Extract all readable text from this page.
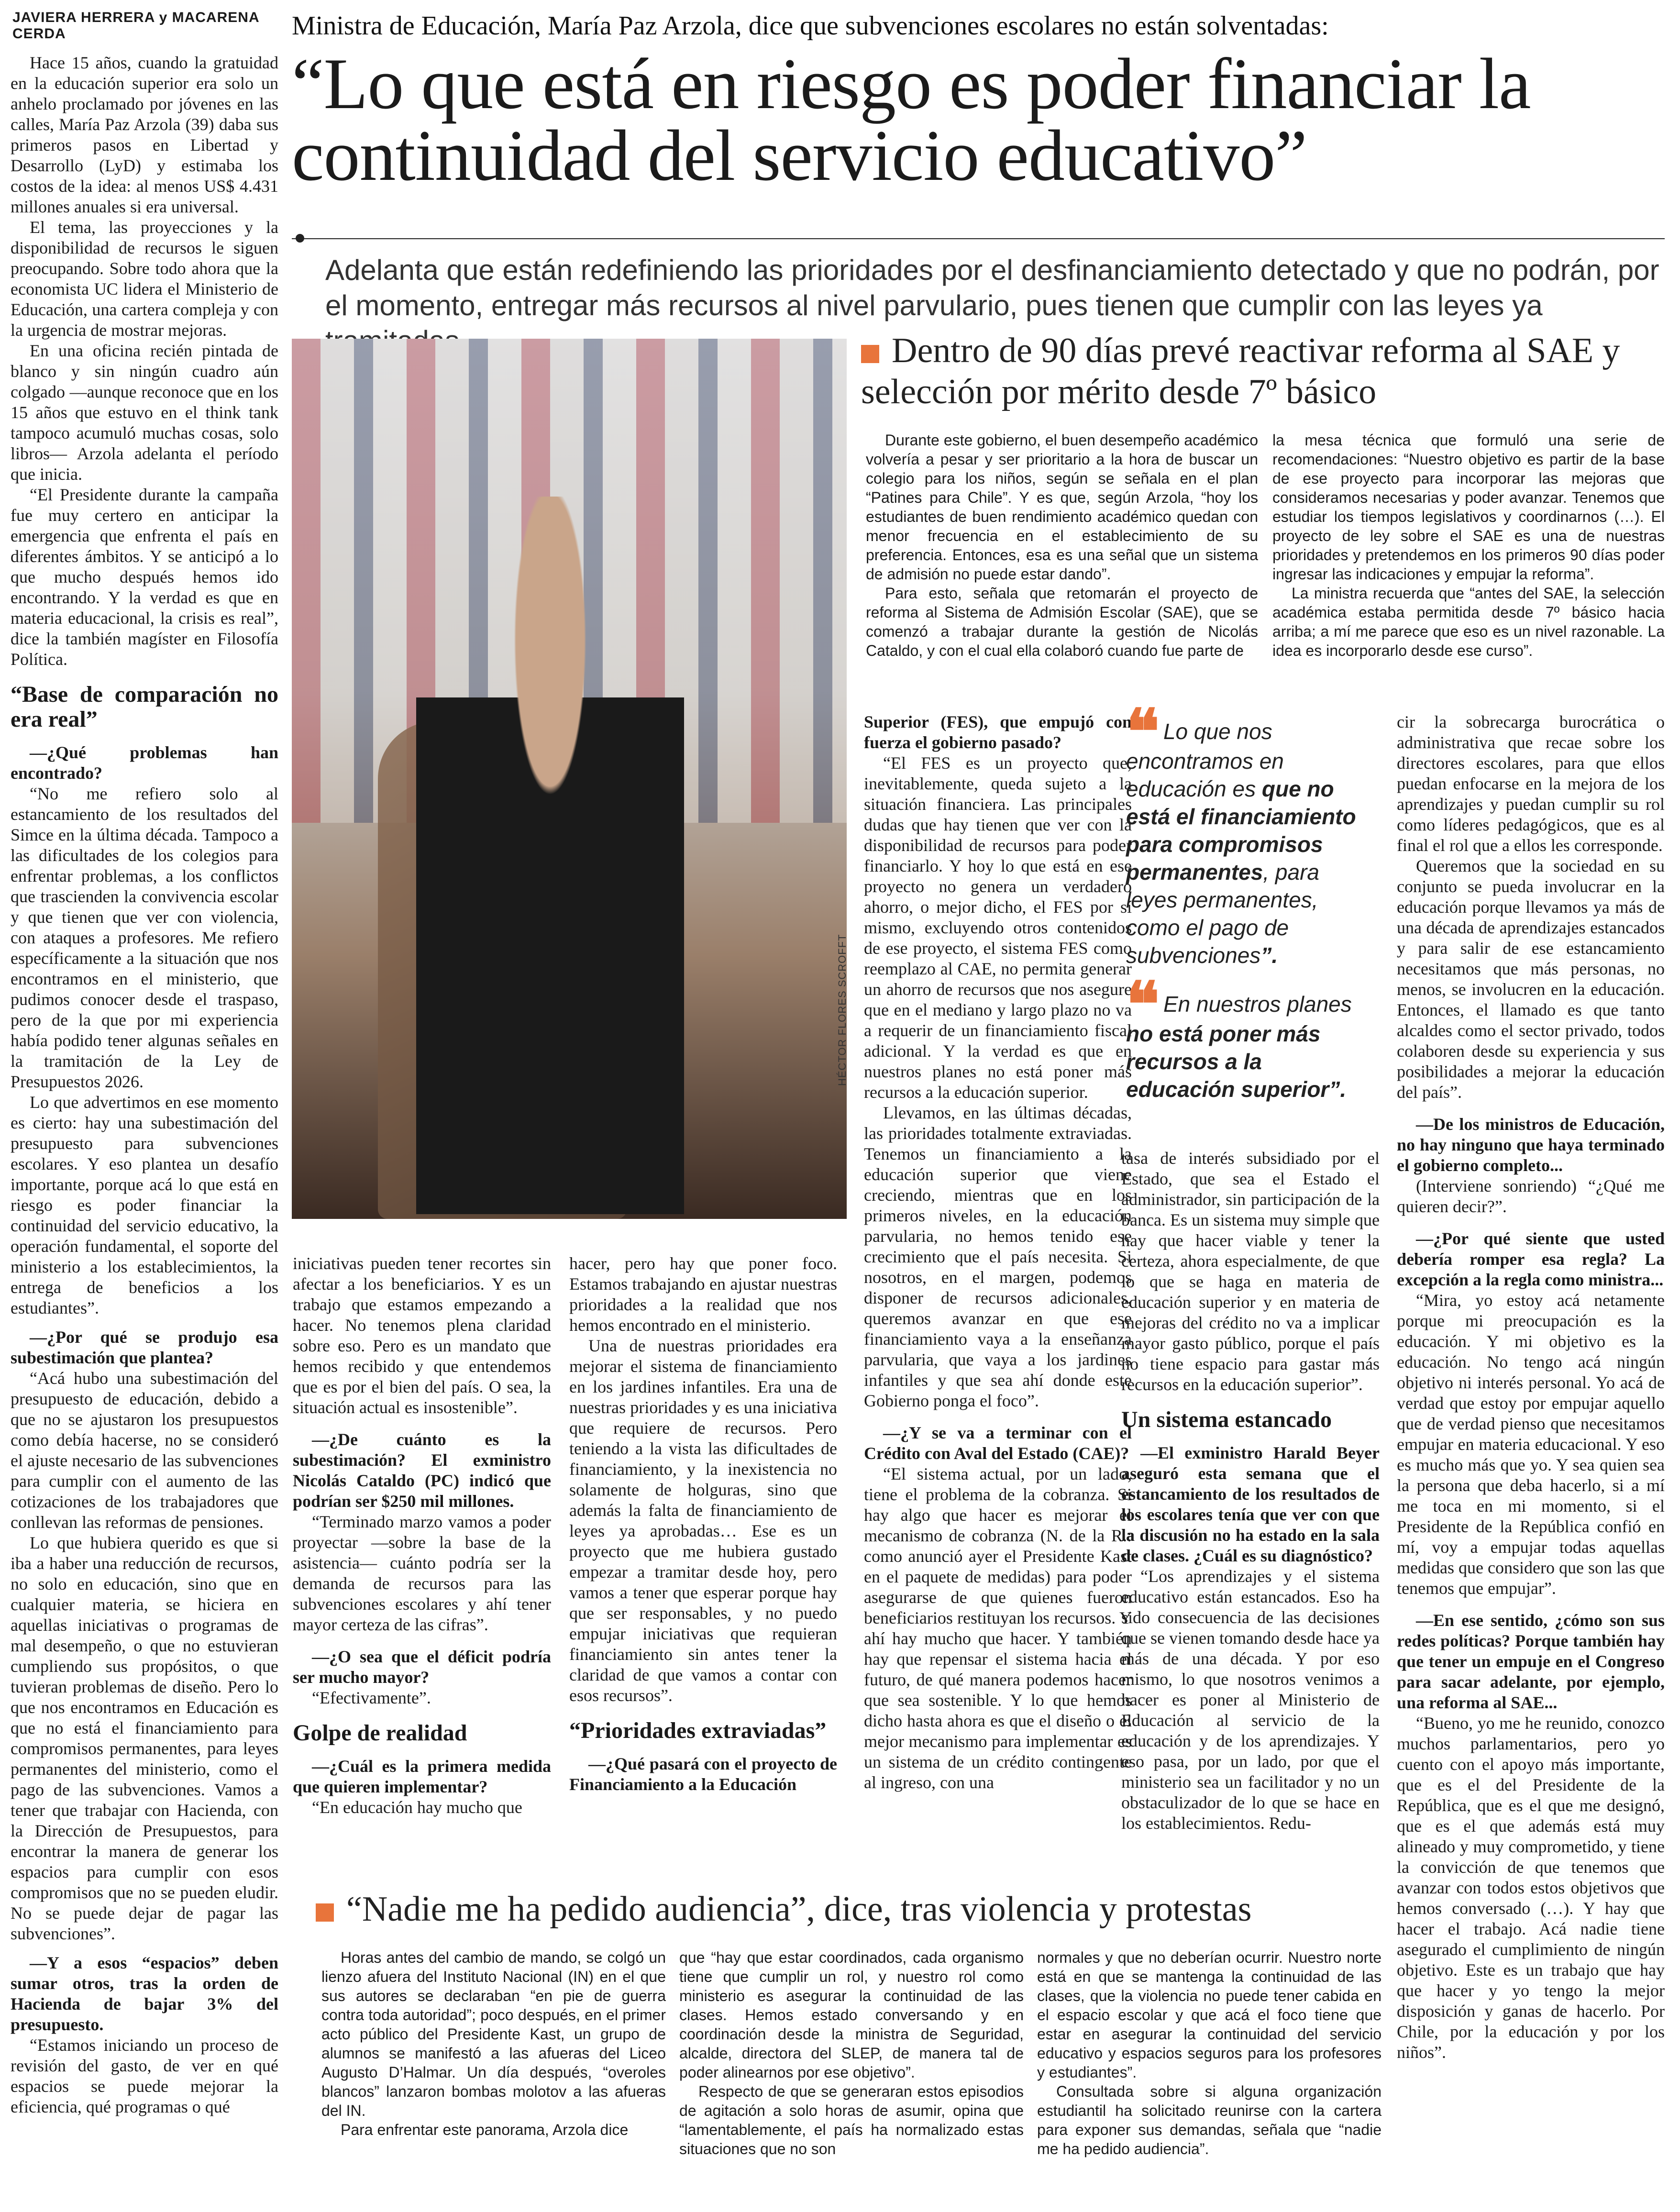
JAVIERA HERRERA y MACARENA CERDA	Ministra de Educación, María Paz Arzola, dice que subvenciones escolares no están solventadas:
“Lo que está en riesgo es poder financiar la continuidad del servicio educativo”
Adelanta que están redefiniendo las prioridades por el desfinanciamiento detectado y que no podrán, por el momento, entregar más recursos al nivel parvulario, pues tienen que cumplir con las leyes ya
HÉCTOR FLORES SCROFFT

Hace 15 años, cuando la gratuidad en la educación superior era solo un anhelo proclamado por jóvenes en las calles, María Paz Arzola (39) daba sus primeros pasos en Libertad y Desarrollo (LyD) y estimaba los costos de la idea: al menos US$ 4.431 millones anuales si era universal.

El tema, las proyecciones y la disponibilidad de recursos le siguen preocupando. Sobre todo ahora que la economista UC lidera el Ministerio de Educación, una cartera compleja y con la urgencia de mostrar mejoras.

En una oficina recién pintada de blanco y sin ningún cuadro aún colgado —aunque reconoce que en los 15 años que estuvo en el think tank tampoco acumuló muchas cosas, solo libros— Arzola adelanta el período que inicia.

“El Presidente durante la campaña fue muy certero en anticipar la emergencia que enfrenta el país en diferentes ámbitos. Y se anticipó a lo que mucho después hemos ido encontrando. Y la verdad es que en materia educacional, la crisis es real”, dice la también magíster en Filosofía Política.

“Base de comparación no era real”

—¿Qué problemas han encontrado?

“No me refiero solo al estancamiento de los resultados del Simce en la última década. Tampoco a las dificultades de los colegios para enfrentar problemas, a los conflictos que trascienden la convivencia escolar y que tienen que ver con violencia, con ataques a profesores. Me refiero específicamente a la situación que nos encontramos en el ministerio, que pudimos conocer desde el traspaso, pero de la que por mi experiencia había podido tener algunas señales en la tramitación de la Ley de Presupuestos 2026.

Lo que advertimos en ese momento es cierto: hay una subestimación del presupuesto para subvenciones escolares. Y eso plantea un desafío importante, porque acá lo que está en riesgo es poder financiar la continuidad del servicio educativo, la operación fundamental, el soporte del ministerio a los establecimientos, la entrega de beneficios a los estudiantes”.

—¿Por qué se produjo esa subestimación que plantea?

“Acá hubo una subestimación del presupuesto de educación, debido a que no se ajustaron los presupuestos como debía hacerse, no se consideró el ajuste necesario de las subvenciones para cumplir con el aumento de las cotizaciones de los trabajadores que conllevan las reformas de pensiones.

Lo que hubiera querido es que si iba a haber una reducción de recursos, no solo en educación, sino que en cualquier materia, se hiciera en aquellas iniciativas o programas de mal desempeño, o que no estuvieran cumpliendo sus propósitos, o que tuvieran problemas de diseño. Pero lo que nos encontramos en Educación es que no está el financiamiento para compromisos permanentes, para leyes permanentes del ministerio, como el pago de las subvenciones. Vamos a tener que trabajar con Hacienda, con la Dirección de Presupuestos, para encontrar la manera de generar los espacios para cumplir con esos compromisos que no se pueden eludir. No se puede dejar de pagar las subvenciones”.

—Y a esos “espacios” deben sumar otros, tras la orden de Hacienda de bajar 3% del presupuesto.

“Estamos iniciando un proceso de revisión del gasto, de ver en qué espacios se puede mejorar la eficiencia, qué programas o qué

iniciativas pueden tener recortes sin afectar a los beneficiarios. Y es un trabajo que estamos empezando a hacer. No tenemos plena claridad sobre eso. Pero es un mandato que hemos recibido y que entendemos que es por el bien del país. O sea, la situación actual es insostenible”.

—¿De cuánto es la subestimación? El exministro Nicolás Cataldo (PC) indicó que podrían ser $250 mil millones.

“Terminado marzo vamos a poder proyectar —sobre la base de la asistencia— cuánto podría ser la demanda de recursos para las subvenciones escolares y ahí tener mayor certeza de las cifras”.

—¿O sea que el déficit podría ser mucho mayor?

“Efectivamente”.

Golpe de realidad

—¿Cuál es la primera medida que quieren implementar?

“En educación hay mucho que

hacer, pero hay que poner foco. Estamos trabajando en ajustar nuestras prioridades a la realidad que nos hemos encontrado en el ministerio.

Una de nuestras prioridades era mejorar el sistema de financiamiento en los jardines infantiles. Era una de nuestras prioridades y es una iniciativa que requiere de recursos. Pero teniendo a la vista las dificultades de financiamiento, y la inexistencia no solamente de holguras, sino que además la falta de financiamiento de leyes ya aprobadas… Ese es un proyecto que me hubiera gustado empezar a tramitar desde hoy, pero vamos a tener que esperar porque hay que ser responsables, y no puedo empujar iniciativas que requieran financiamiento sin antes tener la claridad de que vamos a contar con esos recursos”.

“Prioridades extraviadas”

—¿Qué pasará con el proyecto de Financiamiento a la Educación

Dentro de 90 días prevé reactivar reforma al SAE y selección por mérito desde 7º básico

Durante este gobierno, el buen desempeño académico volvería a pesar y ser prioritario a la hora de buscar un colegio para los niños, según se señala en el plan “Patines para Chile”. Y es que, según Arzola, “hoy los estudiantes de buen rendimiento académico quedan con menor frecuencia en el establecimiento de su preferencia. Entonces, esa es una señal que un sistema de admisión no puede estar dando”.

Para esto, señala que retomarán el proyecto de reforma al Sistema de Admisión Escolar (SAE), que se comenzó a trabajar durante la gestión de Nicolás Cataldo, y con el cual ella colaboró cuando fue parte de

la mesa técnica que formuló una serie de recomendaciones: “Nuestro objetivo es partir de la base de ese proyecto para incorporar las mejoras que consideramos necesarias y poder avanzar. Tenemos que estudiar los tiempos legislativos y coordinarnos (…). El proyecto de ley sobre el SAE es una de nuestras prioridades y pretendemos en los primeros 90 días poder ingresar las indicaciones y empujar la reforma”.

La ministra recuerda que “antes del SAE, la selección académica estaba permitida desde 7º básico hacia arriba; a mí me parece que eso es un nivel razonable. La idea es incorporarlo desde ese curso”.

Superior (FES), que empujó con fuerza el gobierno pasado?

“El FES es un proyecto que, inevitablemente, queda sujeto a la situación financiera. Las principales dudas que hay tienen que ver con la disponibilidad de recursos para poder financiarlo. Y hoy lo que está en ese proyecto no genera un verdadero ahorro, o mejor dicho, el FES por sí mismo, excluyendo otros contenidos de ese proyecto, el sistema FES como reemplazo al CAE, no permita generar un ahorro de recursos que nos asegure que en el mediano y largo plazo no va a requerir de un financiamiento fiscal adicional. Y la verdad es que en nuestros planes no está poner más recursos a la educación superior.

Llevamos, en las últimas décadas, las prioridades totalmente extraviadas. Tenemos un financiamiento a la educación superior que viene creciendo, mientras que en los primeros niveles, en la educación parvularia, no hemos tenido ese crecimiento que el país necesita. Si nosotros, en el margen, podemos disponer de recursos adicionales, queremos avanzar en que ese financiamiento vaya a la enseñanza parvularia, que vaya a los jardines infantiles y que sea ahí donde este Gobierno ponga el foco”.

—¿Y se va a terminar con el Crédito con Aval del Estado (CAE)?

“El sistema actual, por un lado, tiene el problema de la cobranza. Si hay algo que hacer es mejorar el mecanismo de cobranza (N. de la R.: como anunció ayer el Presidente Kast en el paquete de medidas) para poder asegurarse de que quienes fueron beneficiarios restituyan los recursos. Y ahí hay mucho que hacer. Y también hay que repensar el sistema hacia el futuro, de qué manera podemos hacer que sea sostenible. Y lo que hemos dicho hasta ahora es que el diseño o el mejor mecanismo para implementar es un sistema de un crédito contingente al ingreso, con una

❝ Lo que nos encontramos en educación es que no está el financiamiento para compromisos permanentes, para leyes permanentes, como el pago de subvenciones”.
❝ En nuestros planes no está poner más recursos a la educación superior”.

tasa de interés subsidiado por el Estado, que sea el Estado el administrador, sin participación de la banca. Es un sistema muy simple que hay que hacer viable y tener la certeza, ahora especialmente, de que lo que se haga en materia de educación superior y en materia de mejoras del crédito no va a implicar mayor gasto público, porque el país no tiene espacio para gastar más recursos en la educación superior”.

Un sistema estancado

—El exministro Harald Beyer aseguró esta semana que el estancamiento de los resultados de los escolares tenía que ver con que la discusión no ha estado en la sala de clases. ¿Cuál es su diagnóstico?

“Los aprendizajes y el sistema educativo están estancados. Eso ha sido consecuencia de las decisiones que se vienen tomando desde hace ya más de una década. Y por eso mismo, lo que nosotros venimos a hacer es poner al Ministerio de Educación al servicio de la educación y de los aprendizajes. Y eso pasa, por un lado, por que el ministerio sea un facilitador y no un obstaculizador de lo que se hace en los establecimientos. Redu-

cir la sobrecarga burocrática o administrativa que recae sobre los directores escolares, para que ellos puedan enfocarse en la mejora de los aprendizajes y puedan cumplir su rol como líderes pedagógicos, que es al final el rol que a ellos les corresponde.

Queremos que la sociedad en su conjunto se pueda involucrar en la educación porque llevamos ya más de una década de aprendizajes estancados y para salir de ese estancamiento necesitamos que más personas, no menos, se involucren en la educación. Entonces, el llamado es que tanto alcaldes como el sector privado, todos colaboren desde su experiencia y sus posibilidades a mejorar la educación del país”.

—De los ministros de Educación, no hay ninguno que haya terminado el gobierno completo...

(Interviene sonriendo) “¿Qué me quieren decir?”.

—¿Por qué siente que usted debería romper esa regla? La excepción a la regla como ministra...

“Mira, yo estoy acá netamente porque mi preocupación es la educación. Y mi objetivo es la educación. No tengo acá ningún objetivo ni interés personal. Yo acá de verdad que estoy por empujar aquello que de verdad pienso que necesitamos empujar en materia educacional. Y eso es mucho más que yo. Y sea quien sea la persona que deba hacerlo, si a mí me toca en mi momento, si el Presidente de la República confió en mí, voy a empujar todas aquellas medidas que considero que son las que tenemos que empujar”.

—En ese sentido, ¿cómo son sus redes políticas? Porque también hay que tener un empuje en el Congreso para sacar adelante, por ejemplo, una reforma al SAE...

“Bueno, yo me he reunido, conozco muchos parlamentarios, pero yo cuento con el apoyo más importante, que es el del Presidente de la República, que es el que me designó, que es el que además está muy alineado y muy comprometido, y tiene la convicción de que tenemos que avanzar con todos estos objetivos que hemos conversado (…). Y hay que hacer el trabajo. Acá nadie tiene asegurado el cumplimiento de ningún objetivo. Este es un trabajo que hay que hacer y yo tengo la mejor disposición y ganas de hacerlo. Por Chile, por la educación y por los niños”.

“Nadie me ha pedido audiencia”, dice, tras violencia y protestas

Horas antes del cambio de mando, se colgó un lienzo afuera del Instituto Nacional (IN) en el que sus autores se declaraban “en pie de guerra contra toda autoridad”; poco después, en el primer acto público del Presidente Kast, un grupo de alumnos se manifestó a las afueras del Liceo Augusto D’Halmar. Un día después, “overoles blancos” lanzaron bombas molotov a las afueras del IN.

Para enfrentar este panorama, Arzola dice

que “hay que estar coordinados, cada organismo tiene que cumplir un rol, y nuestro rol como ministerio es asegurar la continuidad de las clases. Hemos estado conversando y en coordinación desde la ministra de Seguridad, alcalde, directora del SLEP, de manera tal de poder alinearnos por ese objetivo”.

Respecto de que se generaran estos episodios de agitación a solo horas de asumir, opina que “lamentablemente, el país ha normalizado estas situaciones que no son

normales y que no deberían ocurrir. Nuestro norte está en que se mantenga la continuidad de las clases, que la violencia no puede tener cabida en el espacio escolar y que acá el foco tiene que estar en asegurar la continuidad del servicio educativo y espacios seguros para los profesores y estudiantes”.

Consultada sobre si alguna organización estudiantil ha solicitado reunirse con la cartera para exponer sus demandas, señala que “nadie me ha pedido audiencia”.
